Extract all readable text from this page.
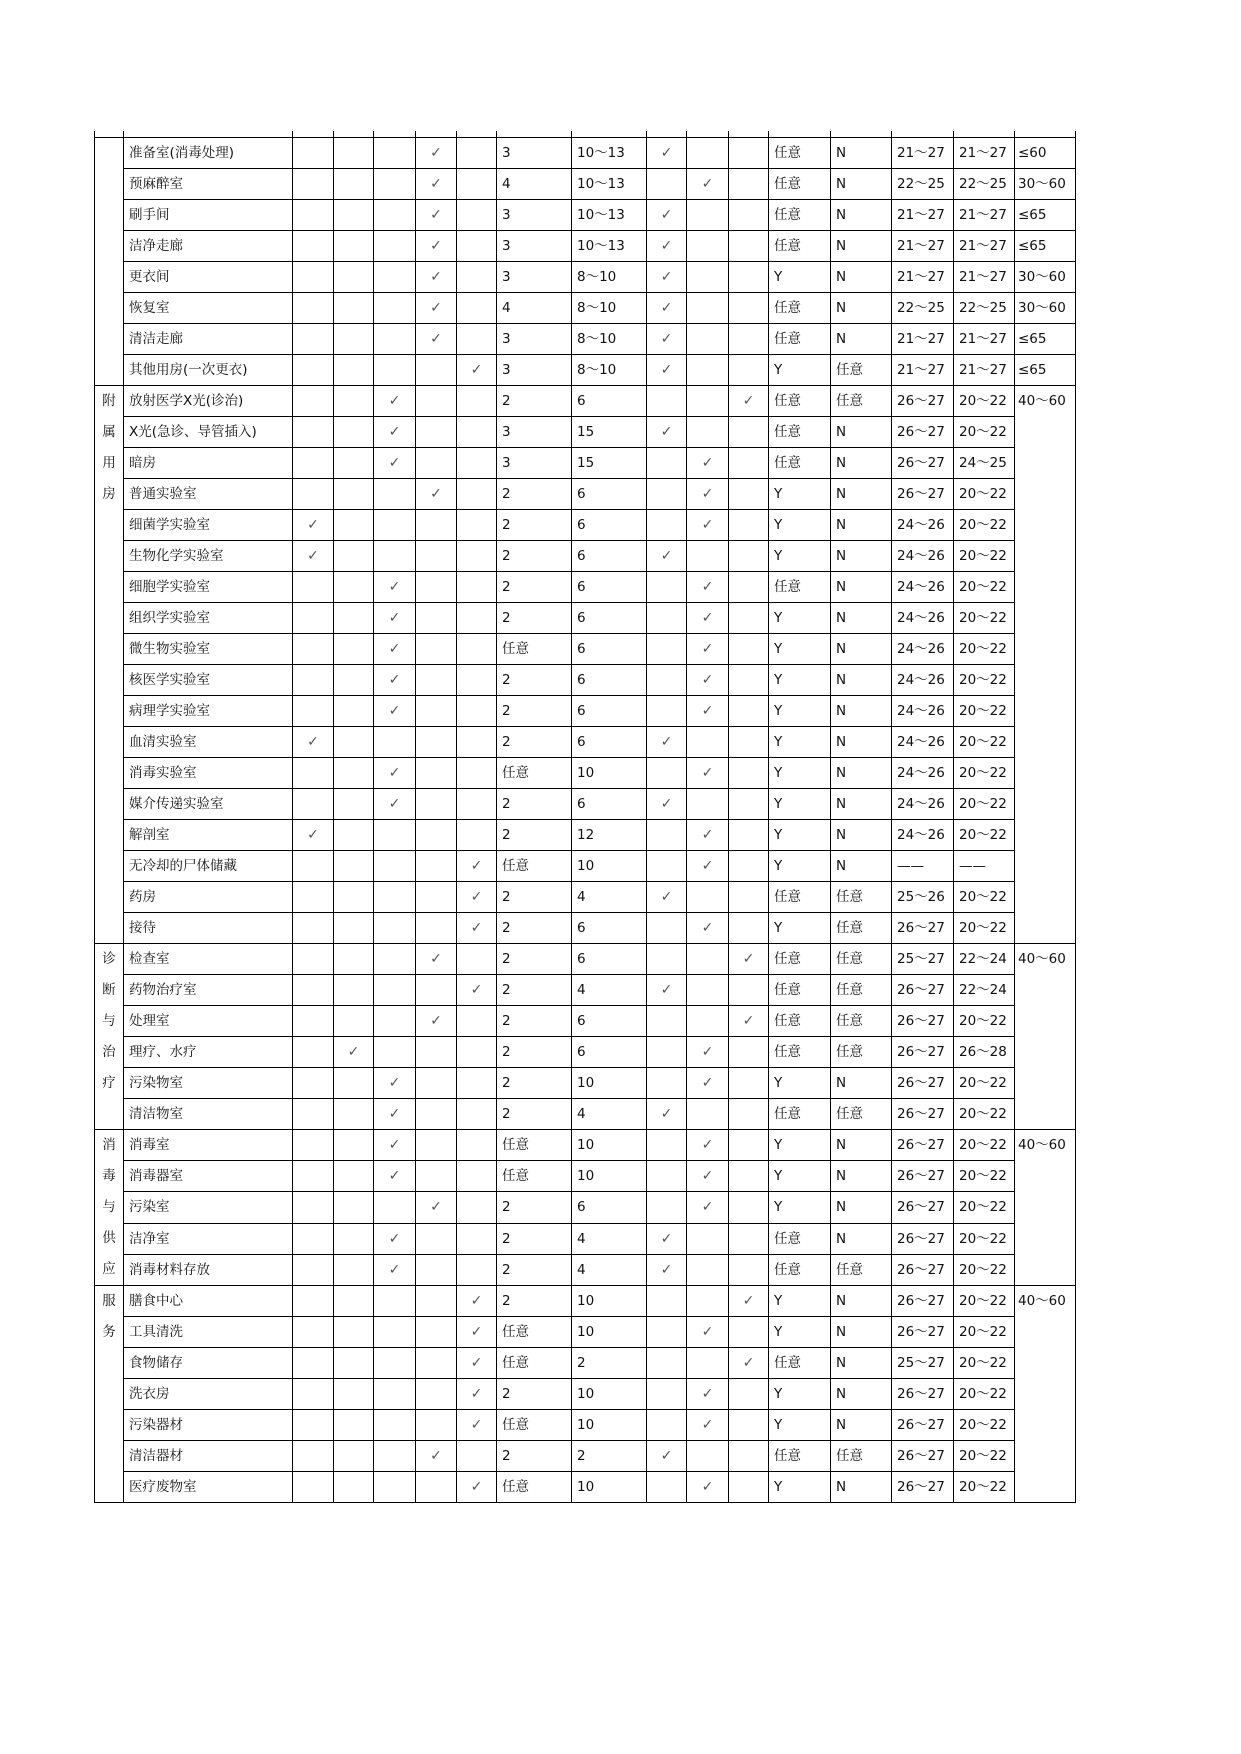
	准备室(消毒处理)				✓		3	10～13	✓			任意	N	21～27	21～27	≤60
	预麻醉室				✓		4	10～13		✓		任意	N	22～25	22～25	30～60
	刷手间				✓		3	10～13	✓			任意	N	21～27	21～27	≤65
	洁净走廊				✓		3	10～13	✓			任意	N	21～27	21～27	≤65
	更衣间				✓		3	8～10	✓			Y	N	21～27	21～27	30～60
	恢复室				✓		4	8～10	✓			任意	N	22～25	22～25	30～60
	清洁走廊				✓		3	8～10	✓			任意	N	21～27	21～27	≤65
	其他用房(一次更衣)					✓	3	8～10	✓			Y	任意	21～27	21～27	≤65

附属用房	放射医学X光(诊治)			✓			2	6			✓	任意	任意	26～27	20～22	40～60
	X光(急诊、导管插入)			✓			3	15	✓			任意	N	26～27	20～22	
	暗房			✓			3	15		✓		任意	N	26～27	24～25	
	普通实验室				✓		2	6		✓		Y	N	26～27	20～22	
	细菌学实验室	✓					2	6		✓		Y	N	24～26	20～22	
	生物化学实验室	✓					2	6	✓			Y	N	24～26	20～22	
	细胞学实验室			✓			2	6		✓		任意	N	24～26	20～22	
	组织学实验室			✓			2	6		✓		Y	N	24～26	20～22	
	微生物实验室			✓			任意	6		✓		Y	N	24～26	20～22	
	核医学实验室			✓			2	6		✓		Y	N	24～26	20～22	
	病理学实验室			✓			2	6		✓		Y	N	24～26	20～22	
	血清实验室	✓					2	6	✓			Y	N	24～26	20～22	
	消毒实验室			✓			任意	10		✓		Y	N	24～26	20～22	
	媒介传递实验室			✓			2	6	✓			Y	N	24～26	20～22	
	解剖室	✓					2	12		✓		Y	N	24～26	20～22	
	无冷却的尸体储藏					✓	任意	10		✓		Y	N	——	——	
	药房					✓	2	4	✓			任意	任意	25～26	20～22	
	接待					✓	2	6		✓		Y	任意	26～27	20～22	

诊断与治疗	检查室				✓		2	6			✓	任意	任意	25～27	22～24	40～60
	药物治疗室					✓	2	4	✓			任意	任意	26～27	22～24	
	处理室				✓		2	6			✓	任意	任意	26～27	20～22	
	理疗、水疗		✓				2	6		✓		任意	任意	26～27	26～28	
	污染物室			✓			2	10		✓		Y	N	26～27	20～22	
	清洁物室			✓			2	4	✓			任意	任意	26～27	20～22	

消毒与供应	消毒室			✓			任意	10		✓		Y	N	26～27	20～22	40～60
	消毒器室			✓			任意	10		✓		Y	N	26～27	20～22	
	污染室				✓		2	6		✓		Y	N	26～27	20～22	
	洁净室			✓			2	4	✓			任意	N	26～27	20～22	
	消毒材料存放			✓			2	4	✓			任意	任意	26～27	20～22	

服务	膳食中心					✓	2	10			✓	Y	N	26～27	20～22	40～60
	工具清洗					✓	任意	10		✓		Y	N	26～27	20～22	
	食物储存					✓	任意	2			✓	任意	N	25～27	20～22	
	洗衣房					✓	2	10		✓		Y	N	26～27	20～22	
	污染器材					✓	任意	10		✓		Y	N	26～27	20～22	
	清洁器材				✓		2	2	✓			任意	任意	26～27	20～22	
	医疗废物室					✓	任意	10		✓		Y	N	26～27	20～22	
